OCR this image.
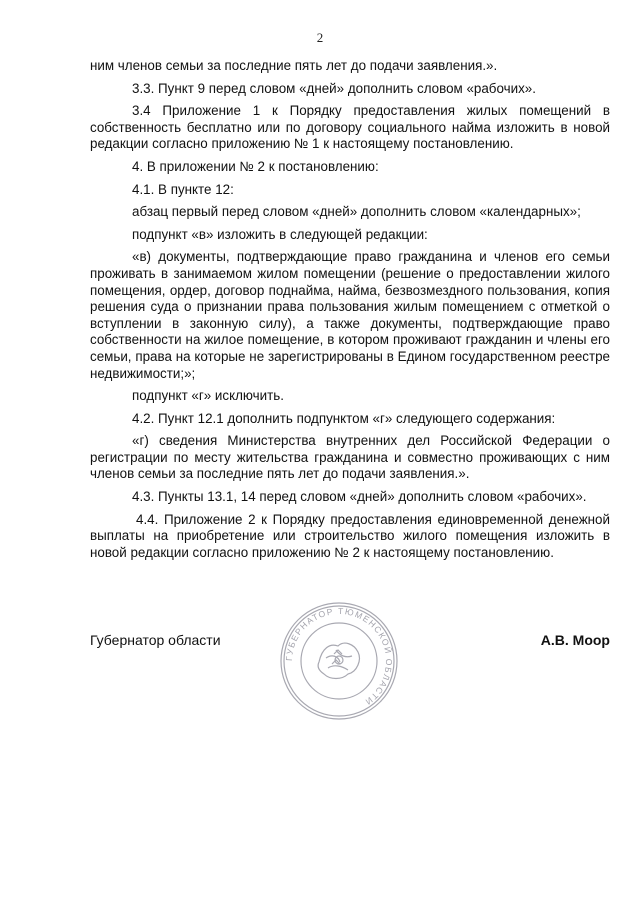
2

ним членов семьи за последние пять лет до подачи заявления.».

3.3. Пункт 9 перед словом «дней» дополнить словом «рабочих».

3.4 Приложение 1 к Порядку предоставления жилых помещений в собственность бесплатно или по договору социального найма изложить в новой редакции согласно приложению № 1 к настоящему постановлению.

4. В приложении № 2 к постановлению:

4.1. В пункте 12:

абзац первый перед словом «дней» дополнить словом «календарных»;

подпункт «в» изложить в следующей редакции:

«в) документы, подтверждающие право гражданина и членов его семьи проживать в занимаемом жилом помещении (решение о предоставлении жилого помещения, ордер, договор поднайма, найма, безвозмездного пользования, копия решения суда о признании права пользования жилым помещением с отметкой о вступлении в законную силу), а также документы, подтверждающие право собственности на жилое помещение, в котором проживают гражданин и члены его семьи, права на которые не зарегистрированы в Едином государственном реестре недвижимости;»;

подпункт «г» исключить.

4.2. Пункт 12.1 дополнить подпунктом «г» следующего содержания:

«г) сведения Министерства внутренних дел Российской Федерации о регистрации по месту жительства гражданина и совместно проживающих с ним членов семьи за последние пять лет до подачи заявления.».

4.3. Пункты 13.1, 14 перед словом «дней» дополнить словом «рабочих».

4.4. Приложение 2 к Порядку предоставления единовременной денежной выплаты на приобретение или строительство жилого помещения изложить в новой редакции согласно приложению № 2 к настоящему постановлению.

Губернатор области
ГУБЕРНАТОР ТЮМЕНСКОЙ ОБЛАСТИ
А.В. Моор
